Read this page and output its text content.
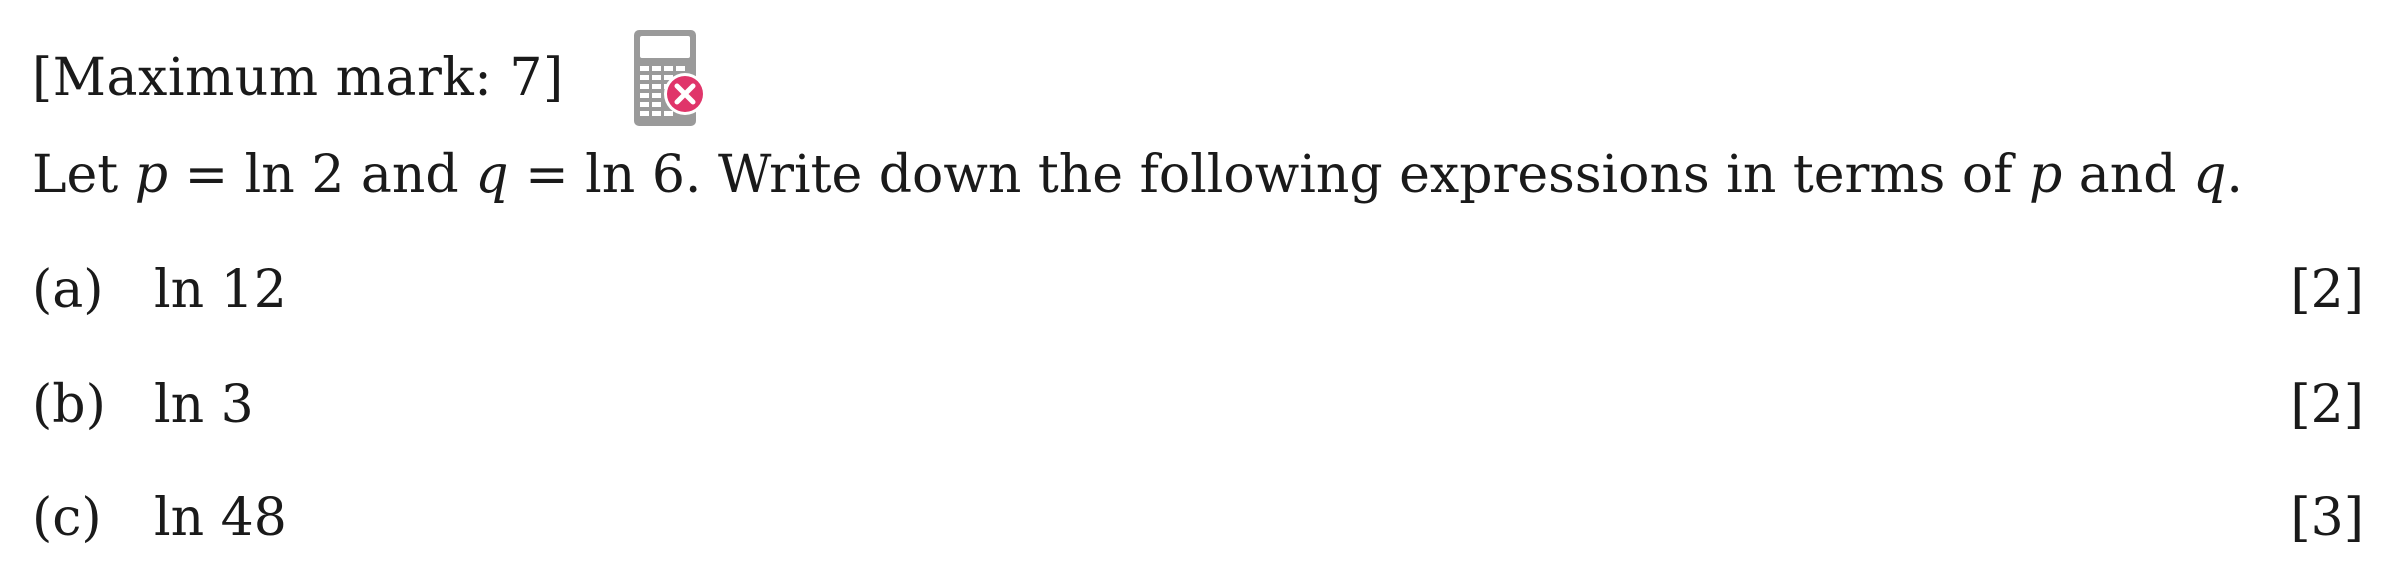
[Maximum mark: 7]
Let p = ln 2 and q = ln 6. Write down the following expressions in terms of p and q.
(a) ln 12	[2]
(b) ln 3	[2]
(c)	ln 48	[3]
